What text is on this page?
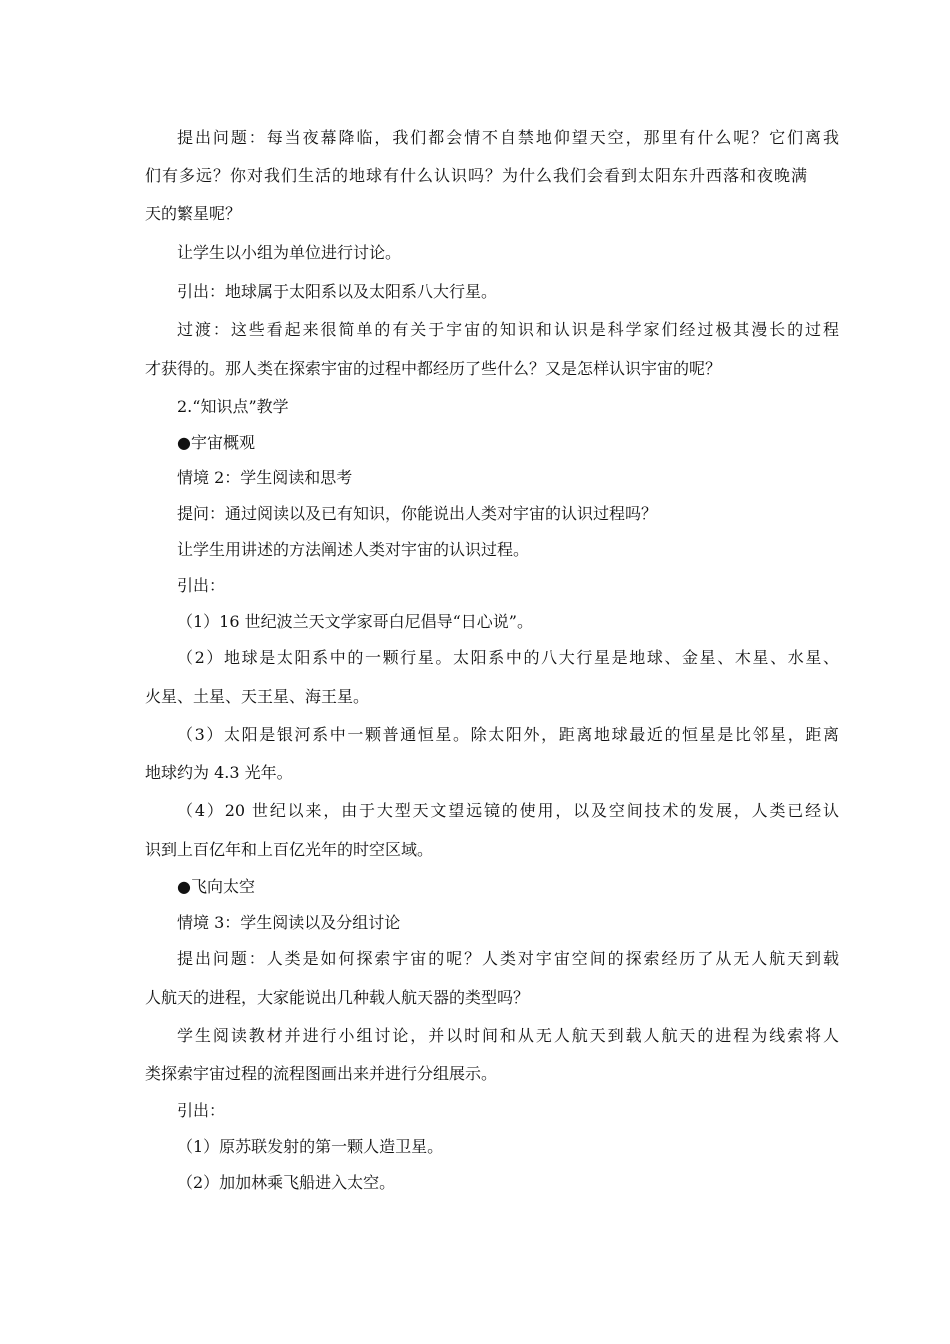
提出问题：每当夜幕降临，我们都会情不自禁地仰望天空，那里有什么呢？它们离我
们有多远？你对我们生活的地球有什么认识吗？为什么我们会看到太阳东升西落和夜晚满
天的繁星呢？
让学生以小组为单位进行讨论。
引出：地球属于太阳系以及太阳系八大行星。
过渡：这些看起来很简单的有关于宇宙的知识和认识是科学家们经过极其漫长的过程
才获得的。那人类在探索宇宙的过程中都经历了些什么？又是怎样认识宇宙的呢？
2.“知识点”教学
●宇宙概观
情境 2：学生阅读和思考
提问：通过阅读以及已有知识，你能说出人类对宇宙的认识过程吗？
让学生用讲述的方法阐述人类对宇宙的认识过程。
引出：
（1）16 世纪波兰天文学家哥白尼倡导“日心说”。
（2）地球是太阳系中的一颗行星。太阳系中的八大行星是地球、金星、木星、水星、
火星、土星、天王星、海王星。
（3）太阳是银河系中一颗普通恒星。除太阳外，距离地球最近的恒星是比邻星，距离
地球约为 4.3 光年。
（4）20 世纪以来，由于大型天文望远镜的使用，以及空间技术的发展，人类已经认
识到上百亿年和上百亿光年的时空区域。
●飞向太空
情境 3：学生阅读以及分组讨论
提出问题：人类是如何探索宇宙的呢？人类对宇宙空间的探索经历了从无人航天到载
人航天的进程，大家能说出几种载人航天器的类型吗？
学生阅读教材并进行小组讨论，并以时间和从无人航天到载人航天的进程为线索将人
类探索宇宙过程的流程图画出来并进行分组展示。
引出：
（1）原苏联发射的第一颗人造卫星。
（2）加加林乘飞船进入太空。
